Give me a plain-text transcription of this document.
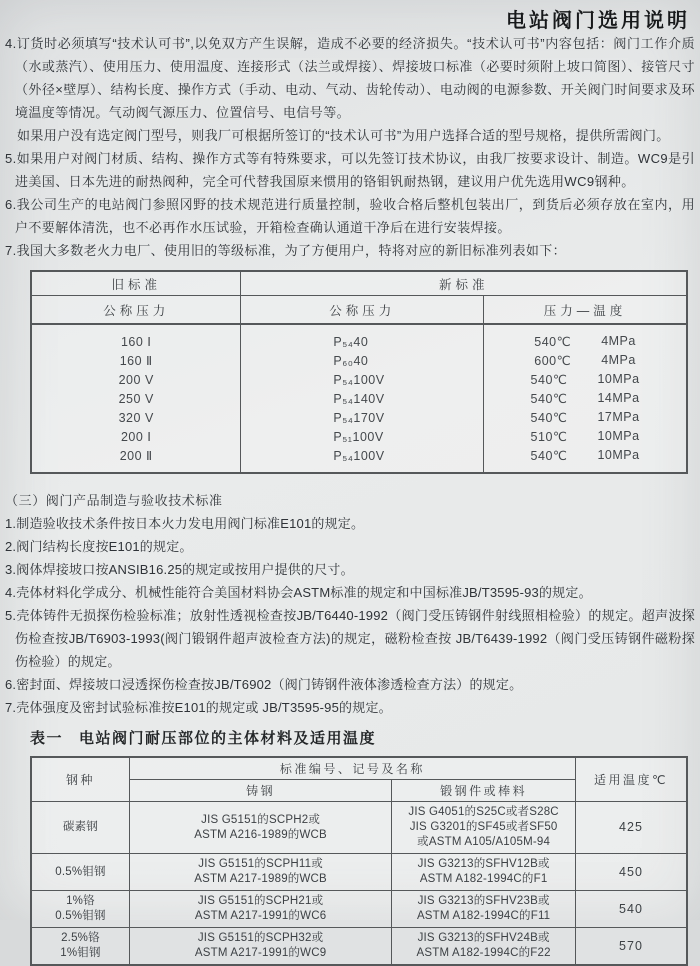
电站阀门选用说明

4.订货时必须填写“技术认可书”,以免双方产生误解，造成不必要的经济损失。“技术认可书”内容包括：阀门工作介质（水或蒸汽）、使用压力、使用温度、连接形式（法兰或焊接）、焊接坡口标准（必要时须附上坡口简图）、接管尺寸（外径×壁厚）、结构长度、操作方式（手动、电动、气动、齿轮传动）、电动阀的电源参数、开关阀门时间要求及环境温度等情况。气动阀气源压力、位置信号、电信号等。

如果用户没有选定阀门型号，则我厂可根据所签订的“技术认可书”为用户选择合适的型号规格，提供所需阀门。

5.如果用户对阀门材质、结构、操作方式等有特殊要求，可以先签订技术协议，由我厂按要求设计、制造。WC9是引进美国、日本先进的耐热阀种，完全可代替我国原来惯用的铬钼钒耐热钢，建议用户优先选用WC9钢种。

6.我公司生产的电站阀门参照冈野的技术规范进行质量控制，验收合格后整机包装出厂，到货后必须存放在室内，用户不要解体清洗，也不必再作水压试验，开箱检查确认通道干净后在进行安装焊接。

7.我国大多数老火力电厂、使用旧的等级标准，为了方便用户，特将对应的新旧标准列表如下：

旧标准	新标准	
公称压力	公称压力	压力—温度
160 Ⅰ	P₅₄40	540℃ 4MPa

160 Ⅱ	P₆₀40	600℃ 4MPa

200 V	P₅₄100V	540℃ 10MPa

250 V	P₅₄140V	540℃ 14MPa

320 V	P₅₄170V	540℃ 17MPa

200 Ⅰ	P₅₁100V	510℃ 10MPa

200 Ⅱ	P₅₄100V	540℃ 10MPa

（三）阀门产品制造与验收技术标准

1.制造验收技术条件按日本火力发电用阀门标准E101的规定。

2.阀门结构长度按E101的规定。

3.阀体焊接坡口按ANSIB16.25的规定或按用户提供的尺寸。

4.壳体材料化学成分、机械性能符合美国材料协会ASTM标准的规定和中国标准JB/T3595-93的规定。

5.壳体铸件无损探伤检验标准；放射性透视检查按JB/T6440-1992（阀门受压铸钢件射线照相检验）的规定。超声波探伤检查按JB/T6903-1993(阀门锻钢件超声波检查方法)的规定，磁粉检查按 JB/T6439-1992（阀门受压铸钢件磁粉探伤检验）的规定。

6.密封面、焊接坡口浸透探伤检查按JB/T6902（阀门铸钢件液体渗透检查方法）的规定。

7.壳体强度及密封试验标准按E101的规定或 JB/T3595-95的规定。

表一 电站阀门耐压部位的主体材料及适用温度

钢种	标准编号、记号及名称		适用温度℃
	铸钢	锻钢件或棒料	

碳素钢	JIS G5151的SCPH2或
ASTM A216-1989的WCB	JIS G4051的S25C或者S28C
JIS G3201的SF45或者SF50
或ASTM A105/A105M-94	425

0.5%钼钢	JIS G5151的SCPH11或
ASTM A217-1989的WCB	JIS G3213的SFHV12B或
ASTM A182-1994C的F1	450

1%铬
0.5%钼钢	JIS G5151的SCPH21或
ASTM A217-1991的WC6	JIS G3213的SFHV23B或
ASTM A182-1994C的F11	540

2.5%铬
1%钼钢	JIS G5151的SCPH32或
ASTM A217-1991的WC9	JIS G3213的SFHV24B或
ASTM A182-1994C的F22	570
